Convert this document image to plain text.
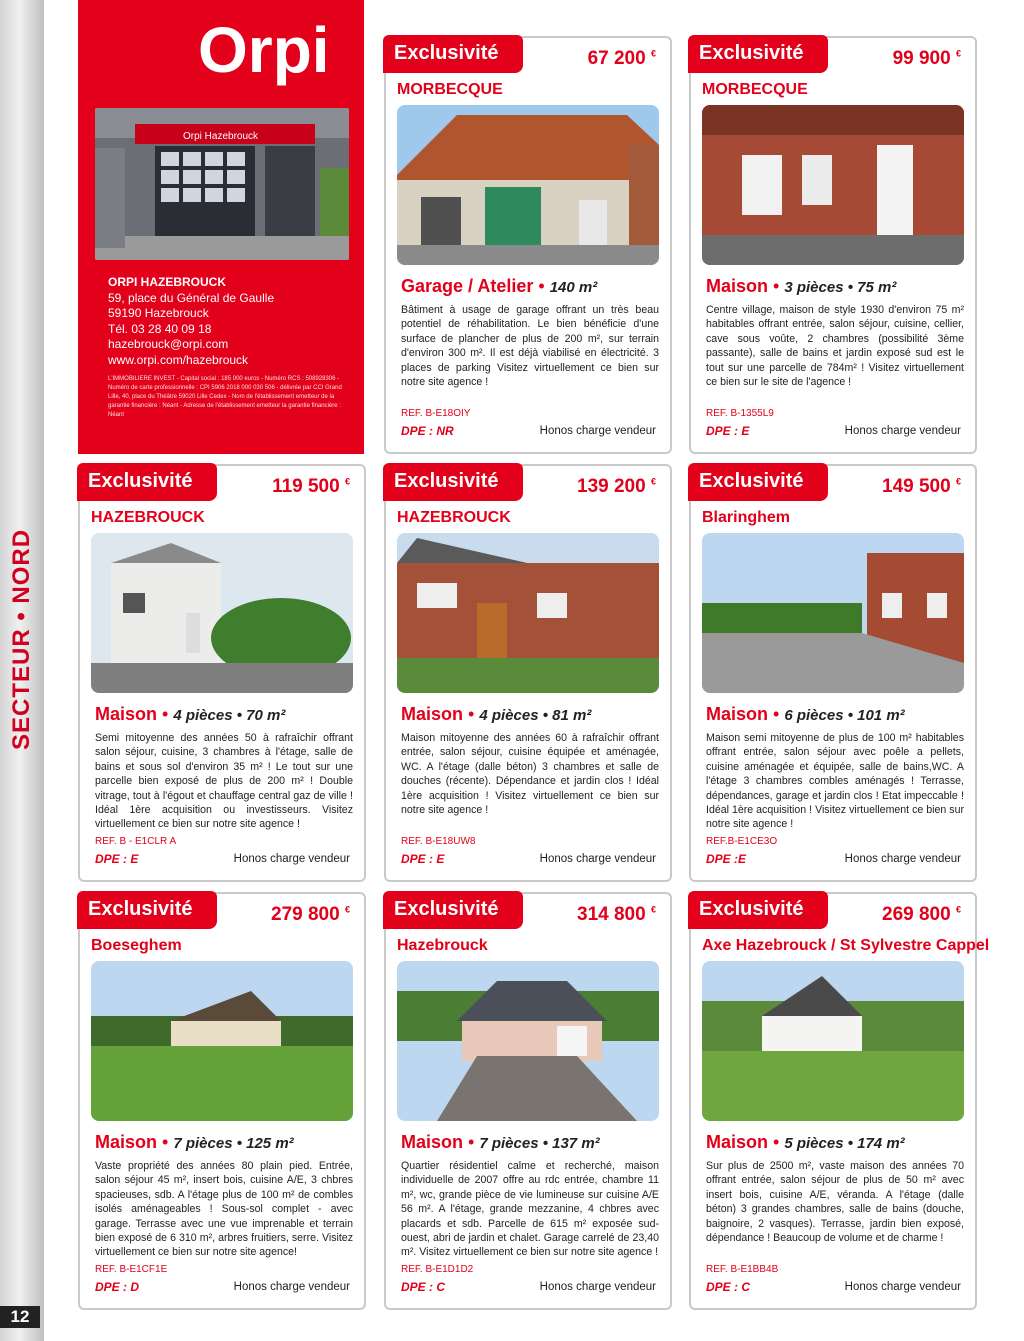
SECTEUR • NORD
12
Orpi
Orpi Hazebrouck
ORPI HAZEBROUCK
59, place du Général de Gaulle
59190 Hazebrouck
Tél. 03 28 40 09 18
hazebrouck@orpi.com
www.orpi.com/hazebrouck
L'IMMOBILIERE INVEST - Capital social : 185 000 euros - Numéro RCS : 508928306 - Numéro de carte professionnelle : CPI 5906 2018 000 030 506 - délivrée par CCI Grand Lille, 40, place du Théâtre 59020 Lille Cedex - Nom de l'établissement emetteur de la garantie financière : Néant - Adresse de l'établissement emetteur la garantie financière : Néant
Exclusivité	67 200 €
MORBECQUE
Garage / Atelier • 140 m²
Bâtiment à usage de garage offrant un très beau potentiel de réhabilitation. Le bien bénéficie d'une surface de plancher de plus de 200 m², sur terrain d'environ 300 m². Il est déjà viabilisé en électricité. 3 places de parking Visitez virtuellement ce bien sur notre site agence !
REF. B-E18OIY
DPE : NR	Honos charge vendeur
Exclusivité	99 900 €
MORBECQUE
Maison • 3 pièces • 75 m²
Centre village, maison de style 1930 d'environ 75 m² habitables offrant entrée, salon séjour, cuisine, cellier, cave sous voûte, 2 chambres (possibilité 3ème passante), salle de bains et jardin exposé sud est le tout sur une parcelle de 784m² ! Visitez virtuellement ce bien sur le site de l'agence !
REF. B-1355L9
DPE : E	Honos charge vendeur
Exclusivité	119 500 €
HAZEBROUCK
Maison • 4 pièces • 70 m²
Semi mitoyenne des années 50 à rafraîchir offrant salon séjour, cuisine, 3 chambres à l'étage, salle de bains et sous sol d'environ 35 m² ! Le tout sur une parcelle bien exposé de plus de 200 m² ! Double vitrage, tout à l'égout et chauffage central gaz de ville ! Idéal 1ère acquisition ou investisseurs. Visitez virtuellement ce bien sur notre site agence !
REF. B - E1CLR A
DPE : E	Honos charge vendeur
Exclusivité	139 200 €
HAZEBROUCK
Maison • 4 pièces • 81 m²
Maison mitoyenne des années 60 à rafraîchir offrant entrée, salon séjour, cuisine équipée et aménagée, WC. A l'étage (dalle béton) 3 chambres et salle de douches (récente). Dépendance et jardin clos ! Idéal 1ère acquisition ! Visitez virtuellement ce bien sur notre site agence !
REF. B-E18UW8
DPE : E	Honos charge vendeur
Exclusivité	149 500 €
Blaringhem
Maison • 6 pièces • 101 m²
Maison semi mitoyenne de plus de 100 m² habitables offrant entrée, salon séjour avec poêle a pellets, cuisine aménagée et équipée, salle de bains,WC. A l'étage 3 chambres combles aménagés ! Terrasse, dépendances, garage et jardin clos ! Etat impeccable ! Idéal 1ère acquisition ! Visitez virtuellement ce bien sur notre site agence !
REF.B-E1CE3O
DPE :E	Honos charge vendeur
Exclusivité	279 800 €
Boeseghem
Maison • 7 pièces • 125 m²
Vaste propriété des années 80 plain pied. Entrée, salon séjour 45 m², insert bois, cuisine A/E, 3 chbres spacieuses, sdb. A l'étage plus de 100 m² de combles isolés aménageables ! Sous-sol complet - avec garage. Terrasse avec une vue imprenable et terrain bien exposé de 6 310 m², arbres fruitiers, serre. Visitez virtuellement ce bien sur notre site agence!
REF. B-E1CF1E
DPE : D	Honos charge vendeur
Exclusivité	314 800 €
Hazebrouck
Maison • 7 pièces • 137 m²
Quartier résidentiel calme et recherché, maison individuelle de 2007 offre au rdc entrée, chambre 11 m², wc, grande pièce de vie lumineuse sur cuisine A/E 56 m². A l'étage, grande mezzanine, 4 chbres avec placards et sdb. Parcelle de 615 m² exposée sud-ouest, abri de jardin et chalet. Garage carrelé de 23,40 m². Visitez virtuellement ce bien sur notre site agence !
REF. B-E1D1D2
DPE : C	Honos charge vendeur
Exclusivité	269 800 €
Axe Hazebrouck / St Sylvestre Cappel
Maison • 5 pièces • 174 m²
Sur plus de 2500 m², vaste maison des années 70 offrant entrée, salon séjour de plus de 50 m² avec insert bois, cuisine A/E, véranda. A l'étage (dalle béton) 3 grandes chambres, salle de bains (douche, baignoire, 2 vasques). Terrasse, jardin bien exposé, dépendance ! Beaucoup de volume et de charme !
REF. B-E1BB4B
DPE : C	Honos charge vendeur
